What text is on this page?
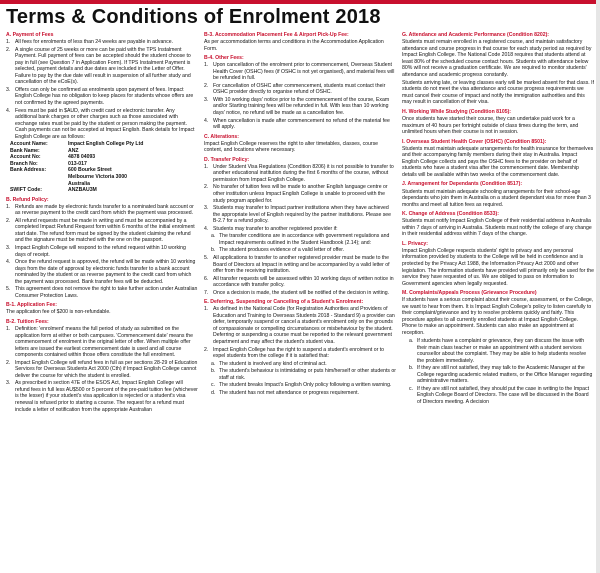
Terms & Conditions of Enrolment 2018
A. Payment of Fees
1. All fees for enrolments of less than 24 weeks are payable in advance.
2. A single course of 25 weeks or more can be paid with the TPS Instalment Payment. Full payment of fees can be accepted should the student choose to pay in full (see Question 7 in Application Form). If TPS Instalment Payment is selected, payment details and due dates are included in the Letter of Offer. Failure to pay by the due date will result in suspension of all further study and cancellation of the eCoE(s).
3. Offers can only be confirmed as enrolments upon payment of fees. Impact English College has no obligation to keep places for students whose offers are not confirmed by the agreed payments.
4. Fees must be paid in $AUD, with credit card or electronic transfer. Any additional bank charges or other charges such as those associated with exchange rates must be paid by the student or person making the payment. Cash payments can not be accepted at Impact English. Bank details for Impact English College are as follows:
Account Name:	Impact English College Pty Ltd
Bank Name:	ANZ
Account No:	4878 04093
Branch No:	013-017
Bank Address:	600 Bourke Street
Melbourne Victoria 3000
Australia
SWIFT Code:	ANZBAU3M
B. Refund Policy:
1. Refunds are made by electronic funds transfer to a nominated bank account or as reverse payment to the credit card from which the payment was processed.
2. All refund requests must be made in writing and must be accompanied by a completed Impact Refund Request form within 6 months of the initial enrolment start date. The refund form must be signed by the student claiming the refund and the signature must be matched with the one on the passport.
3. Impact English College will respond to the refund request within 10 working days of receipt.
4. Once the refund request is approved, the refund will be made within 10 working days from the date of approval by electronic funds transfer to a bank account nominated by the student or as reverse payment to the credit card from which the payment was processed. Bank transfer fees will be deducted.
5. This agreement does not remove the right to take further action under Australian Consumer Protection Laws.
B-1. Application Fee:
The application fee of $200 is non-refundable.
B-2. Tuition Fees:
1. Definition: 'enrolment' means the full period of study as submitted on the application form at either or both campuses. 'Commencement date' means the commencement of enrolment in the original letter of offer. When multiple offer letters are issued the earliest commencement date is used and all course components contained within those offers constitute the full enrolment.
2. Impact English College will refund fees in full as per sections 28-29 of Education Services for Overseas Students Act 2000 (Cth) if Impact English College cannot deliver the course for which the student is enrolled.
3. As prescribed in section 47E of the ESOS Act, Impact English College will refund fees in full less AU$500 or 5 percent of the pre-paid tuition fee (whichever is the lesser) if your student's visa application is rejected or a student's visa renewal is refused prior to starting a course. The request for a refund must include a letter of notification from the appropriate Australian
B-3. Accommodation Placement Fee & Airport Pick-Up Fee:
As per accommodation terms and conditions in the Accommodation Application Form.
B-4. Other Fees:
1. Upon cancellation of the enrolment prior to commencement, Overseas Student Health Cover (OSHC) fees (if OSHC is not yet organised), and material fees will be refunded in full.
2. For cancellation of OSHC after commencement, students must contact their OSHC provider directly to organise refund of OSHC.
3. With 10 working days' notice prior to the commencement of the course, Exam and/or Starting training fees will be refunded in full. With less than 10 working days' notice, no refund will be made as a cancellation fee.
4. When cancellation is made after commencement no refund of the material fee will apply.
C. Alterations:
Impact English College reserves the right to alter timetables, classes, course content, and locations where necessary.
D. Transfer Policy:
1. Under Student Visa Regulations (Condition 8206) it is not possible to transfer to another educational institution during the first 6 months of the course, without permission from Impact English College.
2. No transfer of tuition fees will be made to another English language centre or other institution unless Impact English College is unable to proceed with the study program applied for.
3. Students may transfer to Impact partner institutions when they have achieved the appropriate level of English required by the partner institutions. Please see B-2.7 for a refund policy.
4. Students may transfer to another registered provider if:
a. The transfer conditions are in accordance with government regulations and Impact requirements outlined in the Student Handbook (2.14); and:
b. The student produces evidence of a valid letter of offer.
5. All applications to transfer to another registered provider must be made to the Board of Directors at Impact in writing and be accompanied by a valid letter of offer from the receiving institution.
6. All transfer requests will be assessed within 10 working days of written notice in accordance with transfer policy.
7. Once a decision is made, the student will be notified of the decision in writing.
E. Deferring, Suspending or Cancelling of a Student's Enrolment:
1. As defined in the National Code (for Registration Authorities and Providers of Education and Training to Overseas Students 2018 - Standard 9) a provider can defer, temporarily suspend or cancel a student's enrolment only on the grounds of compassionate or compelling circumstances or misbehaviour by the student. Deferring or suspending a course must be reported to the relevant government department and may affect the student's student visa.
2. Impact English College has the right to suspend a student's enrolment or to expel students from the college if it is satisfied that:
a. The student is involved any kind of criminal act.
b. The student's behaviour is intimidating or puts him/herself or other students or staff at risk.
c. The student breaks Impact's English Only policy following a written warning.
d. The student has not met attendance or progress requirement.
G. Attendance and Academic Performance (Condition 8202):
Students must remain enrolled in a registered course, and maintain satisfactory attendance and course progress in that course for each study period as required by Impact English College. The National Code 2018 requires that students attend at least 80% of the scheduled course contact hours. Students with attendance below 80% will not receive a graduation certificate. We are required to monitor students' attendance and academic progress constantly.
Students arriving late, or leaving classes early will be marked absent for that class. If students do not meet the visa attendance and course progress requirements we must cancel their course of impact and notify the immigration authorities and this may result in cancellation of their visa.
H. Working While Studying (Condition 8105):
Once students have started their course, they can undertake paid work for a maximum of 40 hours per fortnight outside of class times during the term, and unlimited hours when their course is not in session.
I. Overseas Student Health Cover (OSHC) (Condition 8501):
Students must maintain adequate arrangements for health insurance for themselves and their accompanying family members during their stay in Australia. Impact English College collects and pays the OSHC fees to the provider on behalf of students who have a student visa after the commencement date. Membership details will be available within two weeks of the commencement date.
J. Arrangement for Dependants (Condition 8517):
Students must maintain adequate schooling arrangements for their school-age dependants who join them in Australia on a student dependant visa for more than 3 months and meet all tuition fees as required.
K. Change of Address (Condition 8533):
Students must notify Impact English College of their residential address in Australia within 7 days of arriving in Australia. Students must notify the college of any change in their residential address within 7 days of the change.
L. Privacy:
Impact English College respects students' right to privacy and any personal information provided by students to the College will be held in confidence and is protected by the Privacy Act 1988, the Information Privacy Act 2000 and other legislation. The information students have provided will primarily only be used for the service they have requested of us. We are obliged to pass on information to Government agencies when legally requested.
M. Complaints/Appeals Process (Grievance Procedure)
If students have a serious complaint about their course, assessment, or the College, we want to hear from them. It is Impact English College's policy to listen carefully to their complaint/grievance and try to resolve problems quickly and fairly. This procedure applies to all currently enrolled students at Impact English College. Phone to make an appointment. Students can also make an appointment at reception.
a. If students have a complaint or grievance, they can discuss the issue with their main class teacher or make an appointment with a student services counsellor about the complaint. They may be able to help students resolve the problem immediately.
b. If they are still not satisfied, they may talk to the Academic Manager at the College regarding academic related matters, or the Office Manager regarding administrative matters.
c. If they are still not satisfied, they should put the case in writing to the Impact English College Board of Directors. The case will be discussed in the Board of Directors meeting. A decision
